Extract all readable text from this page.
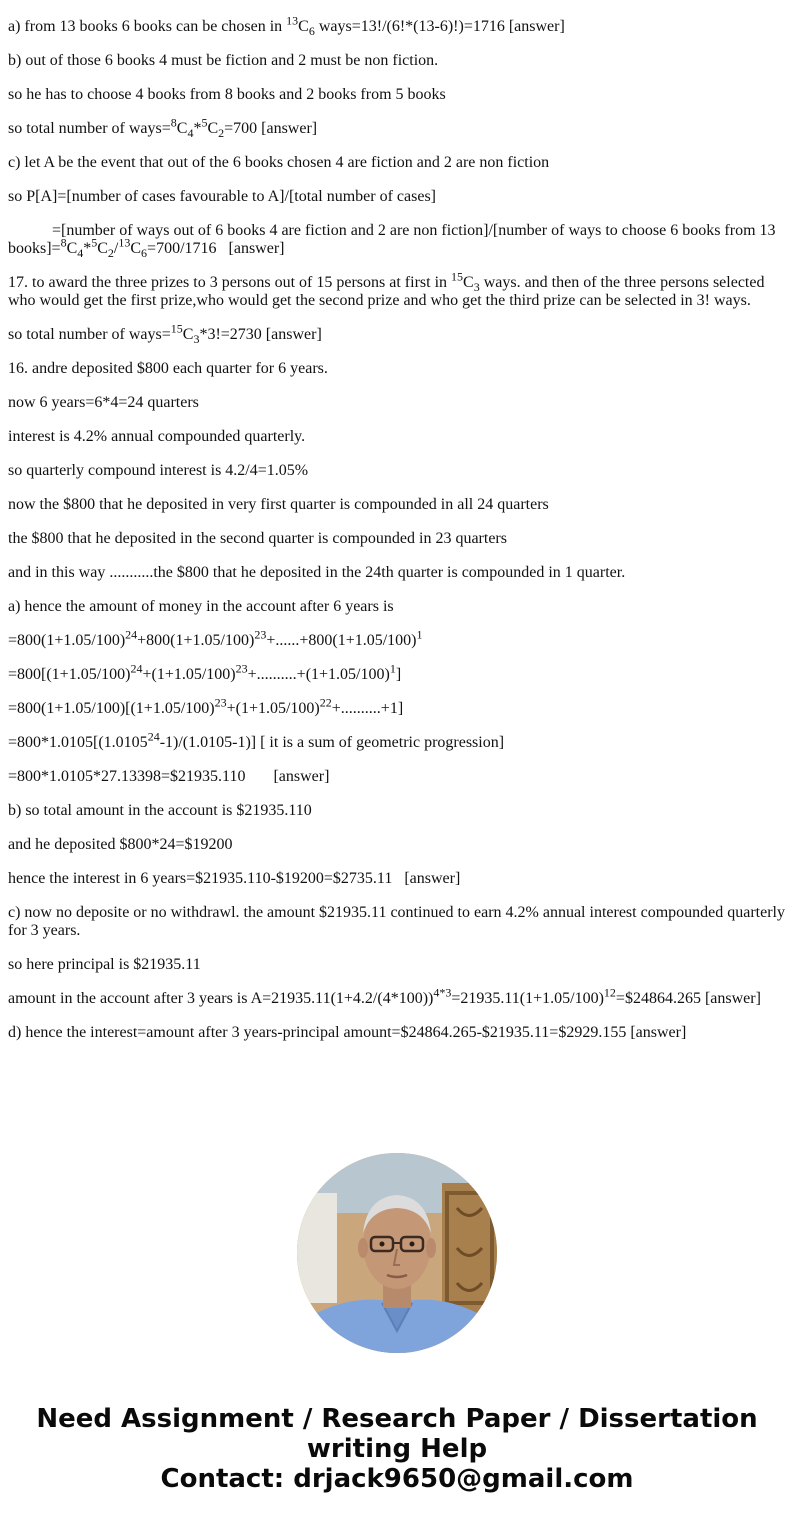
a) from 13 books 6 books can be chosen in $^{13}C_6$ ways=13!/(6!*(13-6)!)=1716 [answer]

b) out of those 6 books 4 must be fiction and 2 must be non fiction.

so he has to choose 4 books from 8 books and 2 books from 5 books

so total number of $ways=^8C_4*^5C_2=700$ [answer]

c) let A be the event that out of the 6 books chosen 4 are fiction and 2 are non fiction

so P[A]=[number of cases favourable to A]/[total number of cases]

=[number of ways out of 6 books 4 are fiction and 2 are non fiction]/[number of ways to choose 6 books from 13 $books]=^8C_4*^5C_2/^{13}C_6=700/1716$   [answer]

17. to award the three prizes to 3 persons out of 15 persons at first in $^{15}C_3$ ways. and then of the three persons selected who would get the first prize,who would get the second prize and who get the third prize can be selected in 3! ways.

so total number of $ways=^{15}C_3*3!=2730$ [answer]

16. andre deposited $800 each quarter for 6 years.

now 6 years=6*4=24 quarters

interest is 4.2% annual compounded quarterly.

so quarterly compound interest is 4.2/4=1.05%

now the $800 that he deposited in very first quarter is compounded in all 24 quarters

the $800 that he deposited in the second quarter is compounded in 23 quarters

and in this way ...........the $800 that he deposited in the 24th quarter is compounded in 1 quarter.

a) hence the amount of money in the account after 6 years is

$=800(1+1.05/100)^{24}+800(1+1.05/100)^{23}+......+800(1+1.05/100)^1$

$=800[(1+1.05/100)^{24}+(1+1.05/100)^{23}+..........+(1+1.05/100)^1]$

$=800(1+1.05/100)[(1+1.05/100)^{23}+(1+1.05/100)^{22}+..........+1]$

$=800*1.0105[(1.0105^{24}-1)/(1.0105-1)]$ [ it is a sum of geometric progression]

=800*1.0105*27.13398=$21935.110       [answer]

b) so total amount in the account is $21935.110

and he deposited $800*24=$19200

hence the interest in 6 years=$21935.110-$19200=$2735.11   [answer]

c) now no deposite or no withdrawl. the amount $21935.11 continued to earn 4.2% annual interest compounded quarterly for 3 years.

so here principal is $21935.11

amount in the account after 3 years is $A=21935.11(1+4.2/(4*100))^{4*3}=21935.11(1+1.05/100)^{12}=\$24864.265$ [answer]

d) hence the interest=amount after 3 years-principal amount=$24864.265-$21935.11=$2929.155 [answer]

Need Assignment / Research Paper / Dissertation
writing Help
Contact: drjack9650@gmail.com
